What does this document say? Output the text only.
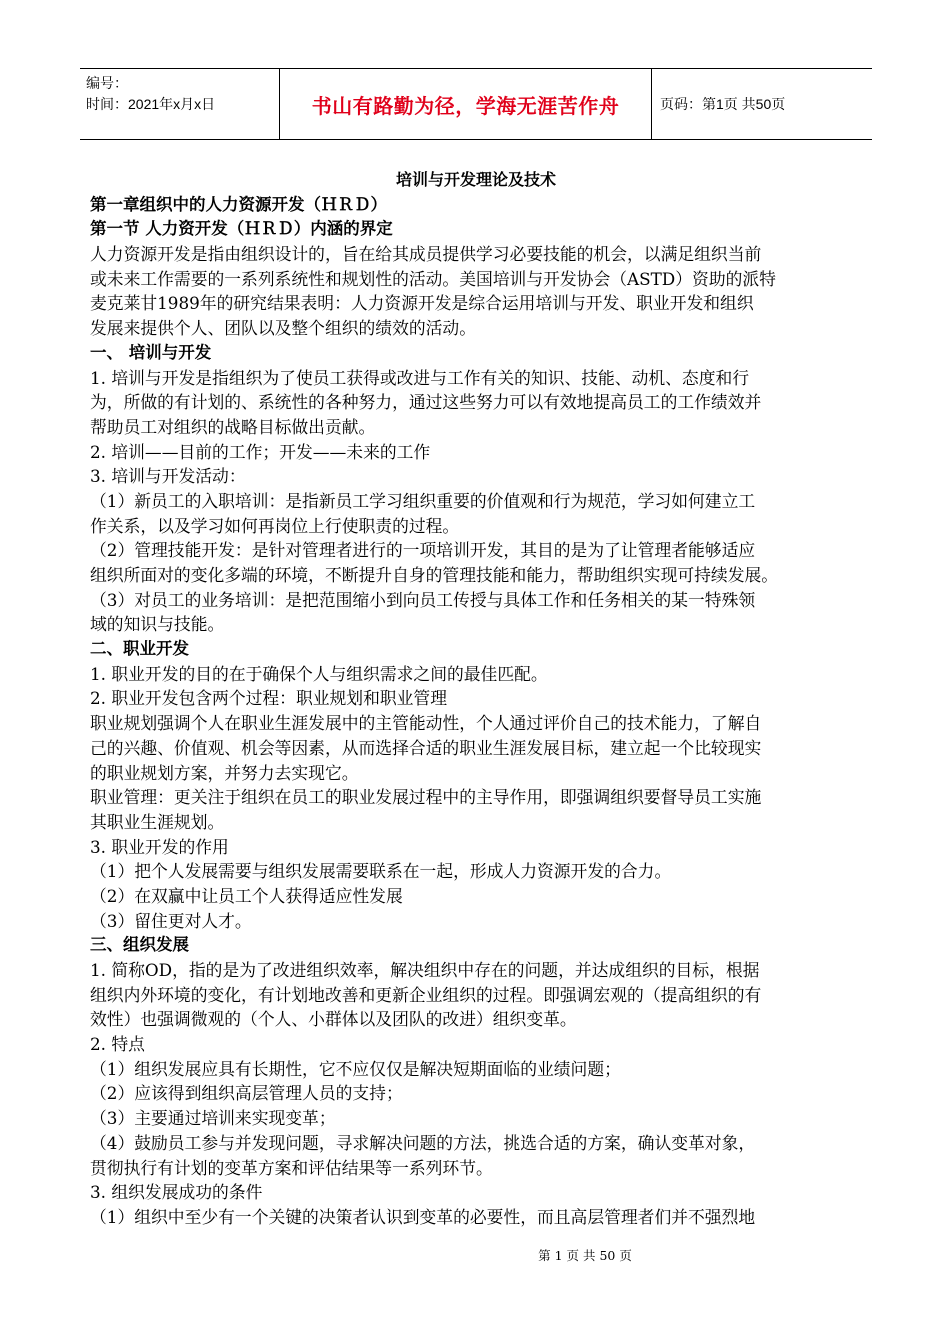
编号：
时间：2021年x月x日	书山有路勤为径，学海无涯苦作舟	页码：第1页 共50页
培训与开发理论及技术
第一章组织中的人力资源开发（ＨＲＤ）
第一节 人力资开发（ＨＲＤ）内涵的界定
人力资源开发是指由组织设计的，旨在给其成员提供学习必要技能的机会，以满足组织当前
或未来工作需要的一系列系统性和规划性的活动。美国培训与开发协会（ASTD）资助的派特
麦克莱甘1989年的研究结果表明：人力资源开发是综合运用培训与开发、职业开发和组织
发展来提供个人、团队以及整个组织的绩效的活动。
一、 培训与开发
1. 培训与开发是指组织为了使员工获得或改进与工作有关的知识、技能、动机、态度和行
为，所做的有计划的、系统性的各种努力，通过这些努力可以有效地提高员工的工作绩效并
帮助员工对组织的战略目标做出贡献。
2. 培训——目前的工作；开发——未来的工作
3. 培训与开发活动：
（1）新员工的入职培训：是指新员工学习组织重要的价值观和行为规范，学习如何建立工
作关系，以及学习如何再岗位上行使职责的过程。
（2）管理技能开发：是针对管理者进行的一项培训开发，其目的是为了让管理者能够适应
组织所面对的变化多端的环境，不断提升自身的管理技能和能力，帮助组织实现可持续发展。
（3）对员工的业务培训：是把范围缩小到向员工传授与具体工作和任务相关的某一特殊领
域的知识与技能。
二、职业开发
1. 职业开发的目的在于确保个人与组织需求之间的最佳匹配。
2. 职业开发包含两个过程：职业规划和职业管理
职业规划强调个人在职业生涯发展中的主管能动性，个人通过评价自己的技术能力，了解自
己的兴趣、价值观、机会等因素，从而选择合适的职业生涯发展目标，建立起一个比较现实
的职业规划方案，并努力去实现它。
职业管理：更关注于组织在员工的职业发展过程中的主导作用，即强调组织要督导员工实施
其职业生涯规划。
3. 职业开发的作用
（1）把个人发展需要与组织发展需要联系在一起，形成人力资源开发的合力。
（2）在双赢中让员工个人获得适应性发展
（3）留住更对人才。
三、组织发展
1. 简称OD，指的是为了改进组织效率，解决组织中存在的问题，并达成组织的目标，根据
组织内外环境的变化，有计划地改善和更新企业组织的过程。即强调宏观的（提高组织的有
效性）也强调微观的（个人、小群体以及团队的改进）组织变革。
2. 特点
（1）组织发展应具有长期性，它不应仅仅是解决短期面临的业绩问题；
（2）应该得到组织高层管理人员的支持；
（3）主要通过培训来实现变革；
（4）鼓励员工参与并发现问题，寻求解决问题的方法，挑选合适的方案，确认变革对象，
贯彻执行有计划的变革方案和评估结果等一系列环节。
3. 组织发展成功的条件
（1）组织中至少有一个关键的决策者认识到变革的必要性，而且高层管理者们并不强烈地
第 1 页 共 50 页
